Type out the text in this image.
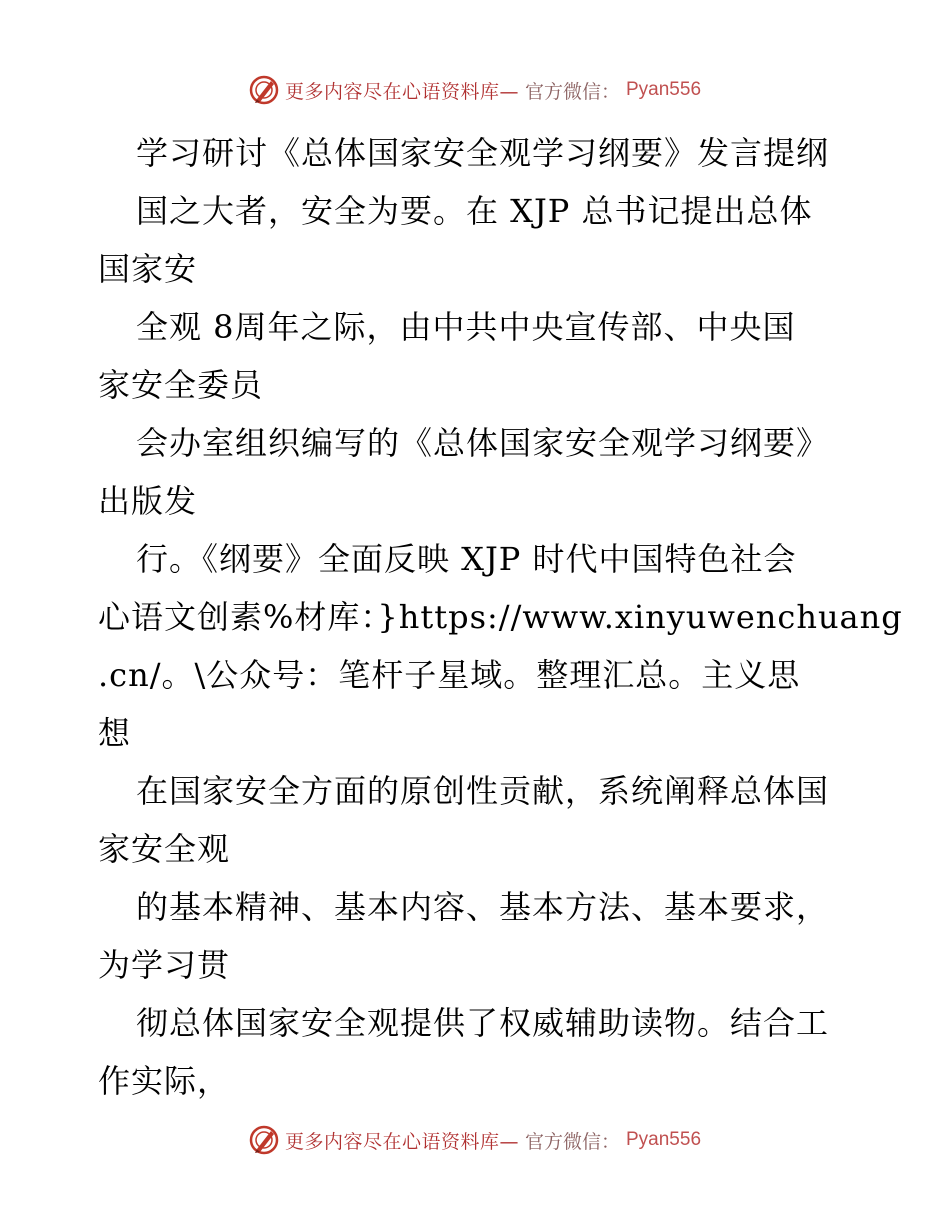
更多内容尽在心语资料库— 官方微信： Pyan556
学习研讨《总体国家安全观学习纲要》发言提纲
国之大者，安全为要。在 XJP 总书记提出总体
国家安
全观 8周年之际，由中共中央宣传部、中央国
家安全委员
会办室组织编写的《总体国家安全观学习纲要》
出版发
行。《纲要》全面反映 XJP 时代中国特色社会
心语文创素%材库：}https://www.xinyuwenchuang
.cn/。\公众号：笔杆子星域。整理汇总。主义思
想
在国家安全方面的原创性贡献，系统阐释总体国
家安全观
的基本精神、基本内容、基本方法、基本要求，
为学习贯
彻总体国家安全观提供了权威辅助读物。结合工
作实际，
更多内容尽在心语资料库— 官方微信： Pyan556
